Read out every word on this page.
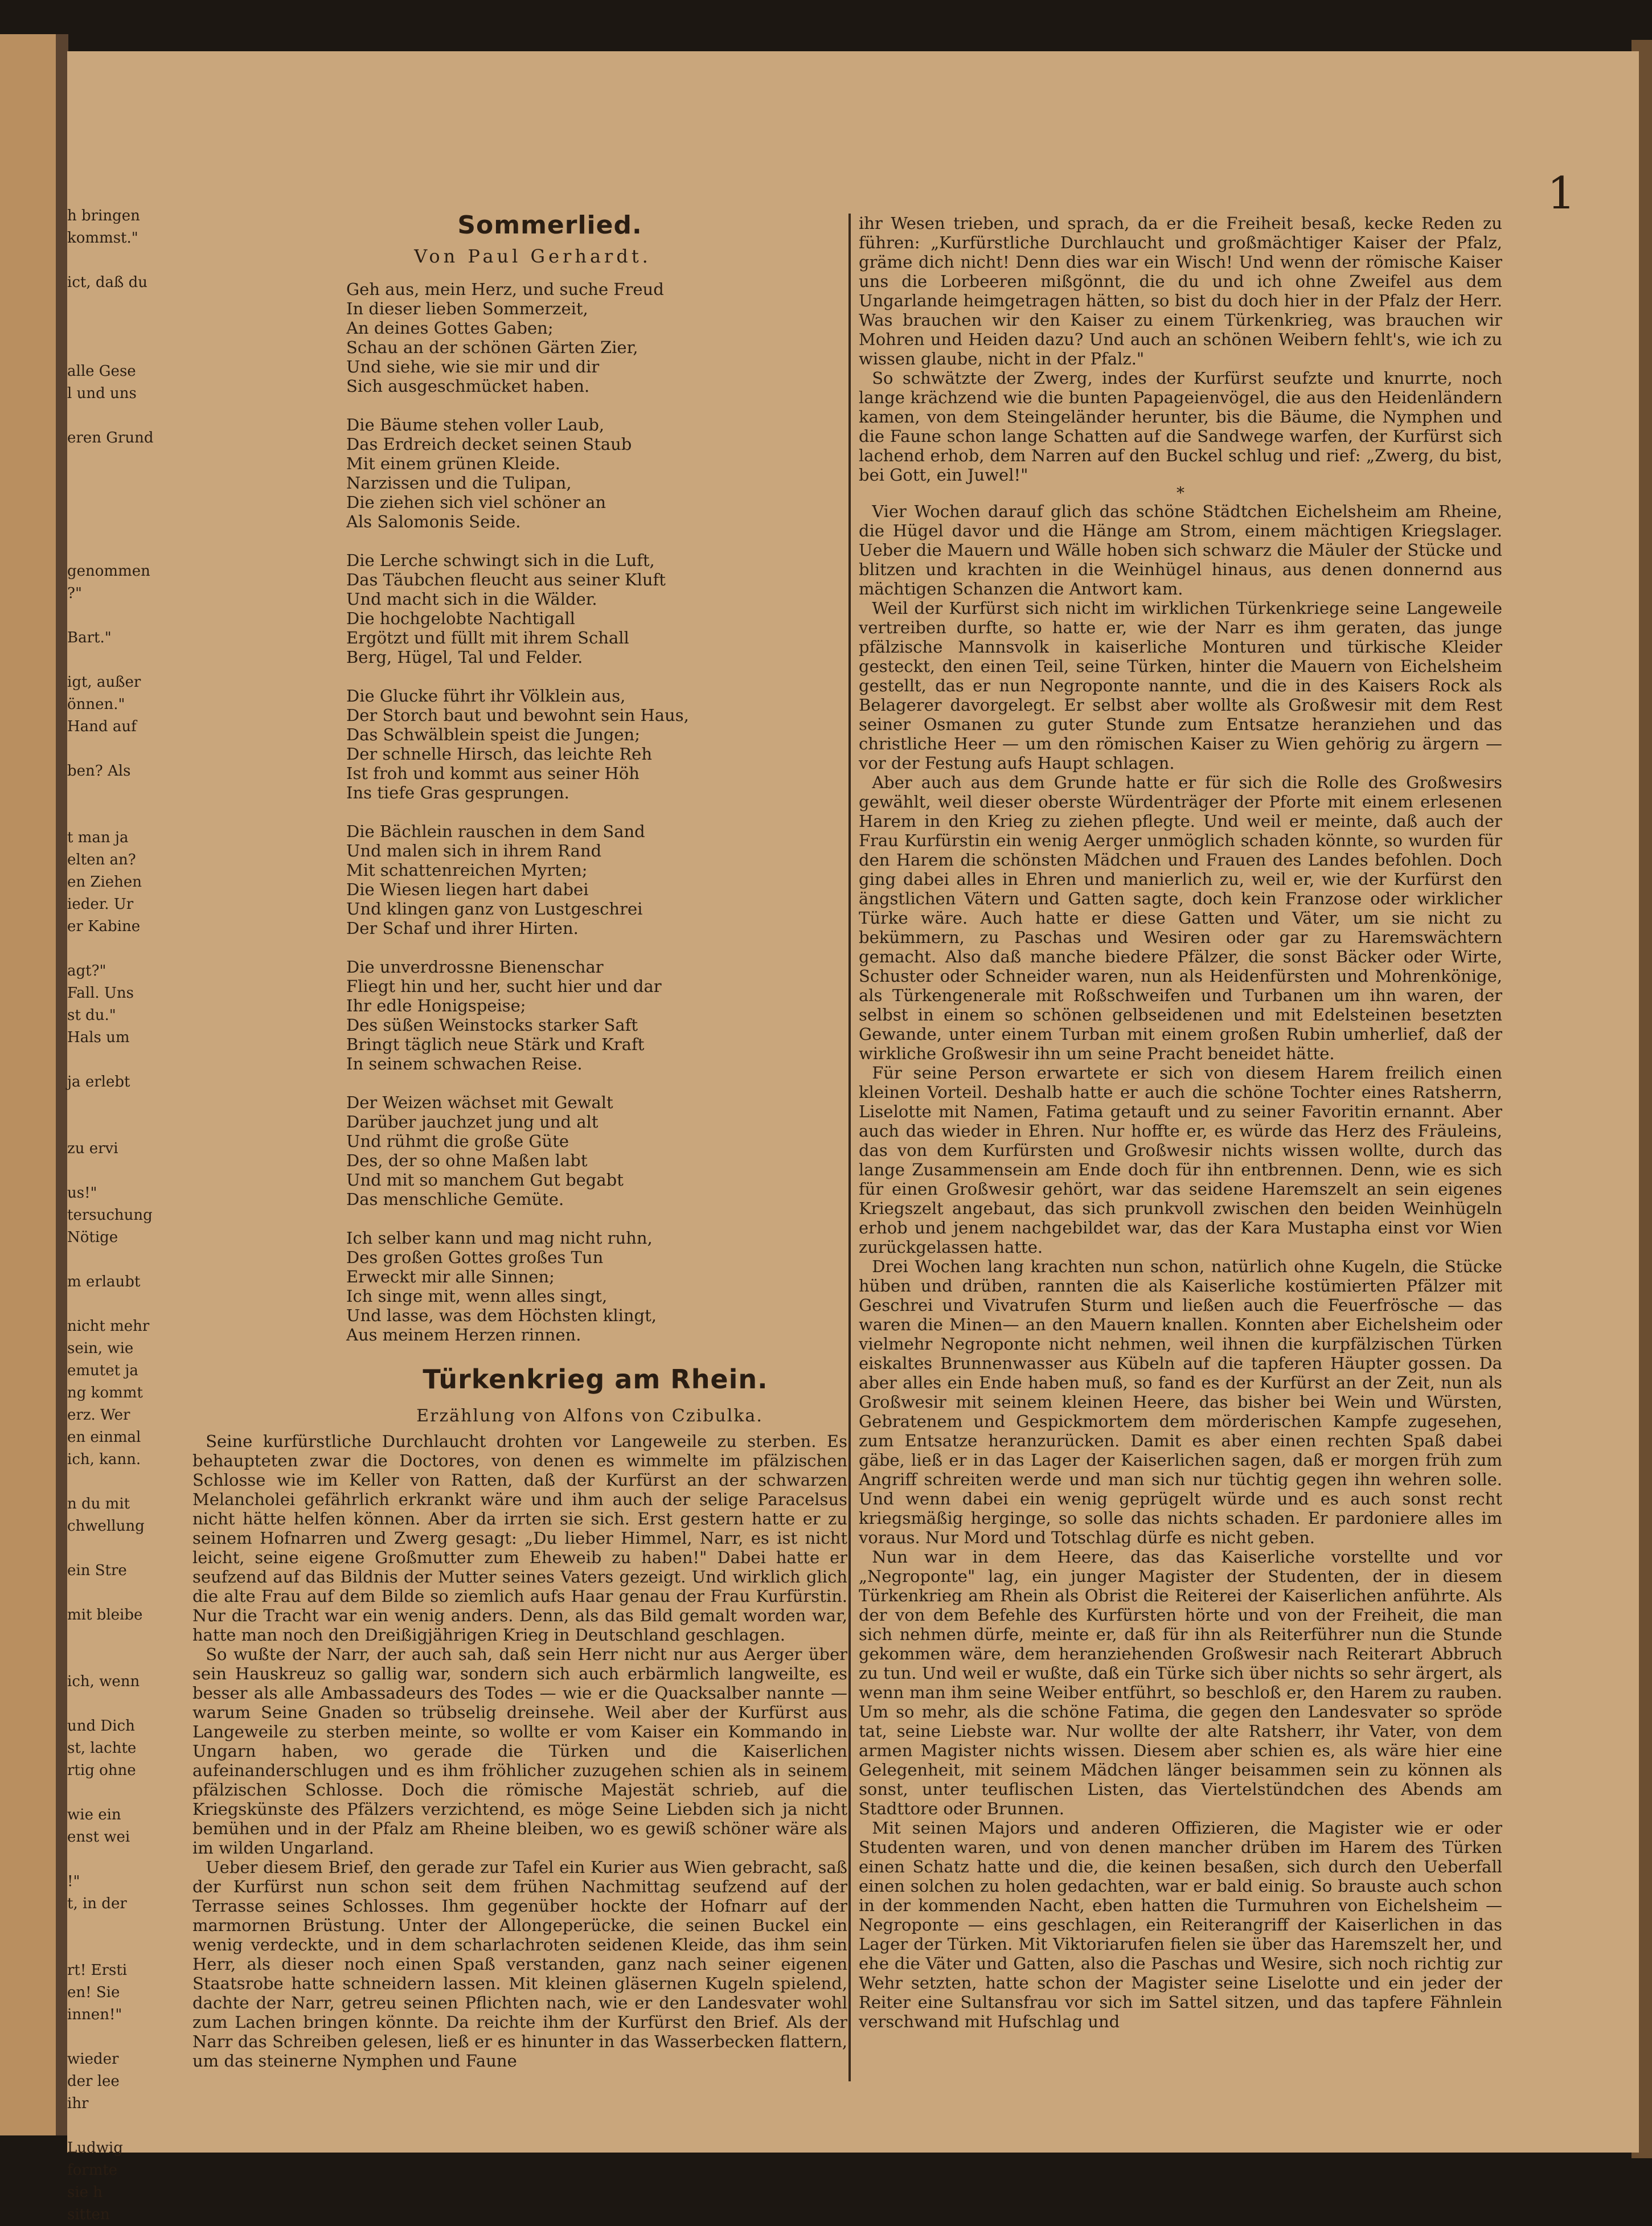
h bringen
kommst."
ict, daß du
alle Gese
l und uns
eren Grund
genommen
?"
Bart."
igt, außer
önnen."
Hand auf
ben? Als
t man ja
elten an?
en Ziehen
ieder. Ur
er Kabine
agt?"
Fall. Uns
st du."
Hals um
ja erlebt
zu ervi
us!"
tersuchung
Nötige
m erlaubt
nicht mehr
sein, wie
emutet ja
ng kommt
erz. Wer
en einmal
ich, kann.
n du mit
chwellung
ein Stre
mit bleibe
ich, wenn
und Dich
st, lachte
rtig ohne
wie ein
enst wei
!"
t, in der
rt! Ersti
en! Sie
innen!"
wieder
der lee
ihr
Ludwig
formte
sie h
sitten
1
Sommerlied.
Von Paul Gerhardt.
Geh aus, mein Herz, und suche Freud
In dieser lieben Sommerzeit,
An deines Gottes Gaben;
Schau an der schönen Gärten Zier,
Und siehe, wie sie mir und dir
Sich ausgeschmücket haben.
Die Bäume stehen voller Laub,
Das Erdreich decket seinen Staub
Mit einem grünen Kleide.
Narzissen und die Tulipan,
Die ziehen sich viel schöner an
Als Salomonis Seide.
Die Lerche schwingt sich in die Luft,
Das Täubchen fleucht aus seiner Kluft
Und macht sich in die Wälder.
Die hochgelobte Nachtigall
Ergötzt und füllt mit ihrem Schall
Berg, Hügel, Tal und Felder.
Die Glucke führt ihr Völklein aus,
Der Storch baut und bewohnt sein Haus,
Das Schwälblein speist die Jungen;
Der schnelle Hirsch, das leichte Reh
Ist froh und kommt aus seiner Höh
Ins tiefe Gras gesprungen.
Die Bächlein rauschen in dem Sand
Und malen sich in ihrem Rand
Mit schattenreichen Myrten;
Die Wiesen liegen hart dabei
Und klingen ganz von Lustgeschrei
Der Schaf und ihrer Hirten.
Die unverdrossne Bienenschar
Fliegt hin und her, sucht hier und dar
Ihr edle Honigspeise;
Des süßen Weinstocks starker Saft
Bringt täglich neue Stärk und Kraft
In seinem schwachen Reise.
Der Weizen wächset mit Gewalt
Darüber jauchzet jung und alt
Und rühmt die große Güte
Des, der so ohne Maßen labt
Und mit so manchem Gut begabt
Das menschliche Gemüte.
Ich selber kann und mag nicht ruhn,
Des großen Gottes großes Tun
Erweckt mir alle Sinnen;
Ich singe mit, wenn alles singt,
Und lasse, was dem Höchsten klingt,
Aus meinem Herzen rinnen.
Türkenkrieg am Rhein.
Erzählung von Alfons von Czibulka.

Seine kurfürstliche Durchlaucht drohten vor Langeweile zu sterben. Es behaupteten zwar die Doctores, von denen es wimmelte im pfälzischen Schlosse wie im Keller von Ratten, daß der Kurfürst an der schwarzen Melancholei gefährlich erkrankt wäre und ihm auch der selige Paracelsus nicht hätte helfen können. Aber da irrten sie sich. Erst gestern hatte er zu seinem Hofnarren und Zwerg gesagt: „Du lieber Himmel, Narr, es ist nicht leicht, seine eigene Großmutter zum Eheweib zu haben!" Dabei hatte er seufzend auf das Bildnis der Mutter seines Vaters gezeigt. Und wirklich glich die alte Frau auf dem Bilde so ziemlich aufs Haar genau der Frau Kurfürstin. Nur die Tracht war ein wenig anders. Denn, als das Bild gemalt worden war, hatte man noch den Dreißigjährigen Krieg in Deutschland geschlagen.

So wußte der Narr, der auch sah, daß sein Herr nicht nur aus Aerger über sein Hauskreuz so gallig war, sondern sich auch erbärmlich langweilte, es besser als alle Ambassadeurs des Todes — wie er die Quacksalber nannte — warum Seine Gnaden so trübselig dreinsehe. Weil aber der Kurfürst aus Langeweile zu sterben meinte, so wollte er vom Kaiser ein Kommando in Ungarn haben, wo gerade die Türken und die Kaiserlichen aufeinanderschlugen und es ihm fröhlicher zuzugehen schien als in seinem pfälzischen Schlosse. Doch die römische Majestät schrieb, auf die Kriegskünste des Pfälzers verzichtend, es möge Seine Liebden sich ja nicht bemühen und in der Pfalz am Rheine bleiben, wo es gewiß schöner wäre als im wilden Ungarland.

Ueber diesem Brief, den gerade zur Tafel ein Kurier aus Wien gebracht, saß der Kurfürst nun schon seit dem frühen Nachmittag seufzend auf der Terrasse seines Schlosses. Ihm gegenüber hockte der Hofnarr auf der marmornen Brüstung. Unter der Allongeperücke, die seinen Buckel ein wenig verdeckte, und in dem scharlachroten seidenen Kleide, das ihm sein Herr, als dieser noch einen Spaß verstanden, ganz nach seiner eigenen Staatsrobe hatte schneidern lassen. Mit kleinen gläsernen Kugeln spielend, dachte der Narr, getreu seinen Pflichten nach, wie er den Landesvater wohl zum Lachen bringen könnte. Da reichte ihm der Kurfürst den Brief. Als der Narr das Schreiben gelesen, ließ er es hinunter in das Wasserbecken flattern, um das steinerne Nymphen und Faune

ihr Wesen trieben, und sprach, da er die Freiheit besaß, kecke Reden zu führen: „Kurfürstliche Durchlaucht und großmächtiger Kaiser der Pfalz, gräme dich nicht! Denn dies war ein Wisch! Und wenn der römische Kaiser uns die Lorbeeren mißgönnt, die du und ich ohne Zweifel aus dem Ungarlande heimgetragen hätten, so bist du doch hier in der Pfalz der Herr. Was brauchen wir den Kaiser zu einem Türkenkrieg, was brauchen wir Mohren und Heiden dazu? Und auch an schönen Weibern fehlt's, wie ich zu wissen glaube, nicht in der Pfalz."

So schwätzte der Zwerg, indes der Kurfürst seufzte und knurrte, noch lange krächzend wie die bunten Papageienvögel, die aus den Heidenländern kamen, von dem Steingeländer herunter, bis die Bäume, die Nymphen und die Faune schon lange Schatten auf die Sandwege warfen, der Kurfürst sich lachend erhob, dem Narren auf den Buckel schlug und rief: „Zwerg, du bist, bei Gott, ein Juwel!"

*

Vier Wochen darauf glich das schöne Städtchen Eichelsheim am Rheine, die Hügel davor und die Hänge am Strom, einem mächtigen Kriegslager. Ueber die Mauern und Wälle hoben sich schwarz die Mäuler der Stücke und blitzen und krachten in die Weinhügel hinaus, aus denen donnernd aus mächtigen Schanzen die Antwort kam.

Weil der Kurfürst sich nicht im wirklichen Türkenkriege seine Langeweile vertreiben durfte, so hatte er, wie der Narr es ihm geraten, das junge pfälzische Mannsvolk in kaiserliche Monturen und türkische Kleider gesteckt, den einen Teil, seine Türken, hinter die Mauern von Eichelsheim gestellt, das er nun Negroponte nannte, und die in des Kaisers Rock als Belagerer davorgelegt. Er selbst aber wollte als Großwesir mit dem Rest seiner Osmanen zu guter Stunde zum Entsatze heranziehen und das christliche Heer — um den römischen Kaiser zu Wien gehörig zu ärgern — vor der Festung aufs Haupt schlagen.

Aber auch aus dem Grunde hatte er für sich die Rolle des Großwesirs gewählt, weil dieser oberste Würdenträger der Pforte mit einem erlesenen Harem in den Krieg zu ziehen pflegte. Und weil er meinte, daß auch der Frau Kurfürstin ein wenig Aerger unmöglich schaden könnte, so wurden für den Harem die schönsten Mädchen und Frauen des Landes befohlen. Doch ging dabei alles in Ehren und manierlich zu, weil er, wie der Kurfürst den ängstlichen Vätern und Gatten sagte, doch kein Franzose oder wirklicher Türke wäre. Auch hatte er diese Gatten und Väter, um sie nicht zu bekümmern, zu Paschas und Wesiren oder gar zu Haremswächtern gemacht. Also daß manche biedere Pfälzer, die sonst Bäcker oder Wirte, Schuster oder Schneider waren, nun als Heidenfürsten und Mohrenkönige, als Türkengenerale mit Roßschweifen und Turbanen um ihn waren, der selbst in einem so schönen gelbseidenen und mit Edelsteinen besetzten Gewande, unter einem Turban mit einem großen Rubin umherlief, daß der wirkliche Großwesir ihn um seine Pracht beneidet hätte.

Für seine Person erwartete er sich von diesem Harem freilich einen kleinen Vorteil. Deshalb hatte er auch die schöne Tochter eines Ratsherrn, Liselotte mit Namen, Fatima getauft und zu seiner Favoritin ernannt. Aber auch das wieder in Ehren. Nur hoffte er, es würde das Herz des Fräuleins, das von dem Kurfürsten und Großwesir nichts wissen wollte, durch das lange Zusammensein am Ende doch für ihn entbrennen. Denn, wie es sich für einen Großwesir gehört, war das seidene Haremszelt an sein eigenes Kriegszelt angebaut, das sich prunkvoll zwischen den beiden Weinhügeln erhob und jenem nachgebildet war, das der Kara Mustapha einst vor Wien zurückgelassen hatte.

Drei Wochen lang krachten nun schon, natürlich ohne Kugeln, die Stücke hüben und drüben, rannten die als Kaiserliche kostümierten Pfälzer mit Geschrei und Vivatrufen Sturm und ließen auch die Feuerfrösche — das waren die Minen— an den Mauern knallen. Konnten aber Eichelsheim oder vielmehr Negroponte nicht nehmen, weil ihnen die kurpfälzischen Türken eiskaltes Brunnenwasser aus Kübeln auf die tapferen Häupter gossen. Da aber alles ein Ende haben muß, so fand es der Kurfürst an der Zeit, nun als Großwesir mit seinem kleinen Heere, das bisher bei Wein und Würsten, Gebratenem und Gespickmortem dem mörderischen Kampfe zugesehen, zum Entsatze heranzurücken. Damit es aber einen rechten Spaß dabei gäbe, ließ er in das Lager der Kaiserlichen sagen, daß er morgen früh zum Angriff schreiten werde und man sich nur tüchtig gegen ihn wehren solle. Und wenn dabei ein wenig geprügelt würde und es auch sonst recht kriegsmäßig herginge, so solle das nichts schaden. Er pardoniere alles im voraus. Nur Mord und Totschlag dürfe es nicht geben.

Nun war in dem Heere, das das Kaiserliche vorstellte und vor „Negroponte" lag, ein junger Magister der Studenten, der in diesem Türkenkrieg am Rhein als Obrist die Reiterei der Kaiserlichen anführte. Als der von dem Befehle des Kurfürsten hörte und von der Freiheit, die man sich nehmen dürfe, meinte er, daß für ihn als Reiterführer nun die Stunde gekommen wäre, dem heranziehenden Großwesir nach Reiterart Abbruch zu tun. Und weil er wußte, daß ein Türke sich über nichts so sehr ärgert, als wenn man ihm seine Weiber entführt, so beschloß er, den Harem zu rauben. Um so mehr, als die schöne Fatima, die gegen den Landesvater so spröde tat, seine Liebste war. Nur wollte der alte Ratsherr, ihr Vater, von dem armen Magister nichts wissen. Diesem aber schien es, als wäre hier eine Gelegenheit, mit seinem Mädchen länger beisammen sein zu können als sonst, unter teuflischen Listen, das Viertelstündchen des Abends am Stadttore oder Brunnen.

Mit seinen Majors und anderen Offizieren, die Magister wie er oder Studenten waren, und von denen mancher drüben im Harem des Türken einen Schatz hatte und die, die keinen besaßen, sich durch den Ueberfall einen solchen zu holen gedachten, war er bald einig. So brauste auch schon in der kommenden Nacht, eben hatten die Turmuhren von Eichelsheim — Negroponte — eins geschlagen, ein Reiterangriff der Kaiserlichen in das Lager der Türken. Mit Viktoriarufen fielen sie über das Haremszelt her, und ehe die Väter und Gatten, also die Paschas und Wesire, sich noch richtig zur Wehr setzten, hatte schon der Magister seine Liselotte und ein jeder der Reiter eine Sultansfrau vor sich im Sattel sitzen, und das tapfere Fähnlein verschwand mit Hufschlag und
